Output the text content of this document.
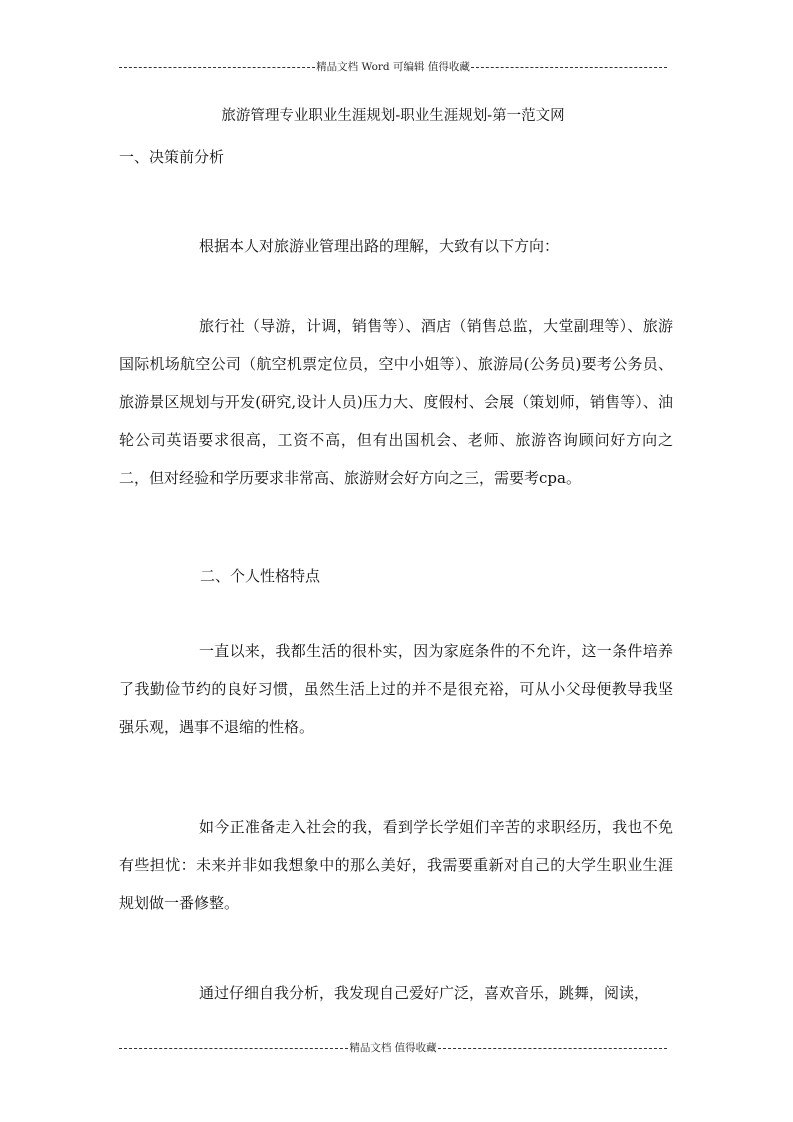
精品文档 Word 可编辑 值得收藏
旅游管理专业职业生涯规划-职业生涯规划-第一范文网
一、决策前分析

根据本人对旅游业管理出路的理解，大致有以下方向：

旅行社（导游，计调，销售等）、酒店（销售总监，大堂副理等）、旅游国际机场航空公司（航空机票定位员，空中小姐等）、旅游局(公务员)要考公务员、旅游景区规划与开发(研究,设计人员)压力大、度假村、会展（策划师，销售等）、油轮公司英语要求很高，工资不高，但有出国机会、老师、旅游咨询顾问好方向之二，但对经验和学历要求非常高、旅游财会好方向之三，需要考cpa。

二、个人性格特点

一直以来，我都生活的很朴实，因为家庭条件的不允许，这一条件培养了我勤俭节约的良好习惯，虽然生活上过的并不是很充裕，可从小父母便教导我坚强乐观，遇事不退缩的性格。

如今正准备走入社会的我，看到学长学姐们辛苦的求职经历，我也不免有些担忧：未来并非如我想象中的那么美好，我需要重新对自己的大学生职业生涯规划做一番修整。

通过仔细自我分析，我发现自己爱好广泛，喜欢音乐，跳舞，阅读，

精品文档 值得收藏
